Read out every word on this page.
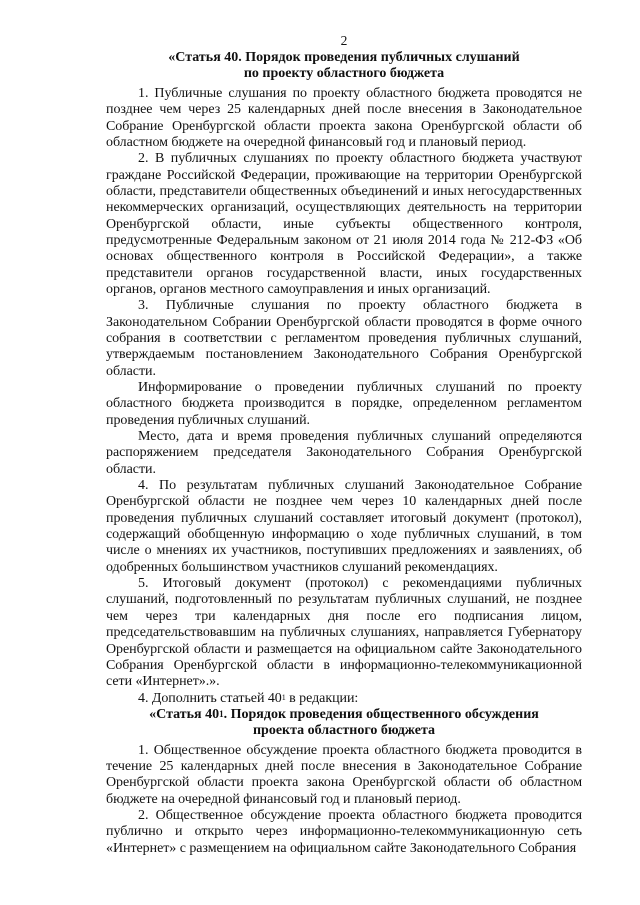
2
«Статья 40. Порядок проведения публичных слушаний
по проекту областного бюджета

1. Публичные слушания по проекту областного бюджета проводятся не позднее чем через 25 календарных дней после внесения в Законодательное Собрание Оренбургской области проекта закона Оренбургской области об областном бюджете на очередной финансовый год и плановый период.

2. В публичных слушаниях по проекту областного бюджета участвуют граждане Российской Федерации, проживающие на территории Оренбургской области, представители общественных объединений и иных негосударственных некоммерческих организаций, осуществляющих деятельность на территории Оренбургской области, иные субъекты общественного контроля, предусмотренные Федеральным законом от 21 июля 2014 года № 212-ФЗ «Об основах общественного контроля в Российской Федерации», а также представители органов государственной власти, иных государственных органов, органов местного самоуправления и иных организаций.

3. Публичные слушания по проекту областного бюджета в Законодательном Собрании Оренбургской области проводятся в форме очного собрания в соответствии с регламентом проведения публичных слушаний, утверждаемым постановлением Законодательного Собрания Оренбургской области.

Информирование о проведении публичных слушаний по проекту областного бюджета производится в порядке, определенном регламентом проведения публичных слушаний.

Место, дата и время проведения публичных слушаний определяются распоряжением председателя Законодательного Собрания Оренбургской области.

4. По результатам публичных слушаний Законодательное Собрание Оренбургской области не позднее чем через 10 календарных дней после проведения публичных слушаний составляет итоговый документ (протокол), содержащий обобщенную информацию о ходе публичных слушаний, в том числе о мнениях их участников, поступивших предложениях и заявлениях, об одобренных большинством участников слушаний рекомендациях.

5. Итоговый документ (протокол) с рекомендациями публичных слушаний, подготовленный по результатам публичных слушаний, не позднее чем через три календарных дня после его подписания лицом, председательствовавшим на публичных слушаниях, направляется Губернатору Оренбургской области и размещается на официальном сайте Законодательного Собрания Оренбургской области в информационно-телекоммуникационной сети «Интернет».».

4. Дополнить статьей $40^1$ в редакции:

«Статья $40^1$. Порядок проведения общественного обсуждения
проекта областного бюджета

1. Общественное обсуждение проекта областного бюджета проводится в течение 25 календарных дней после внесения в Законодательное Собрание Оренбургской области проекта закона Оренбургской области об областном бюджете на очередной финансовый год и плановый период.

2. Общественное обсуждение проекта областного бюджета проводится публично и открыто через информационно-телекоммуникационную сеть «Интернет» с размещением на официальном сайте Законодательного Собрания
